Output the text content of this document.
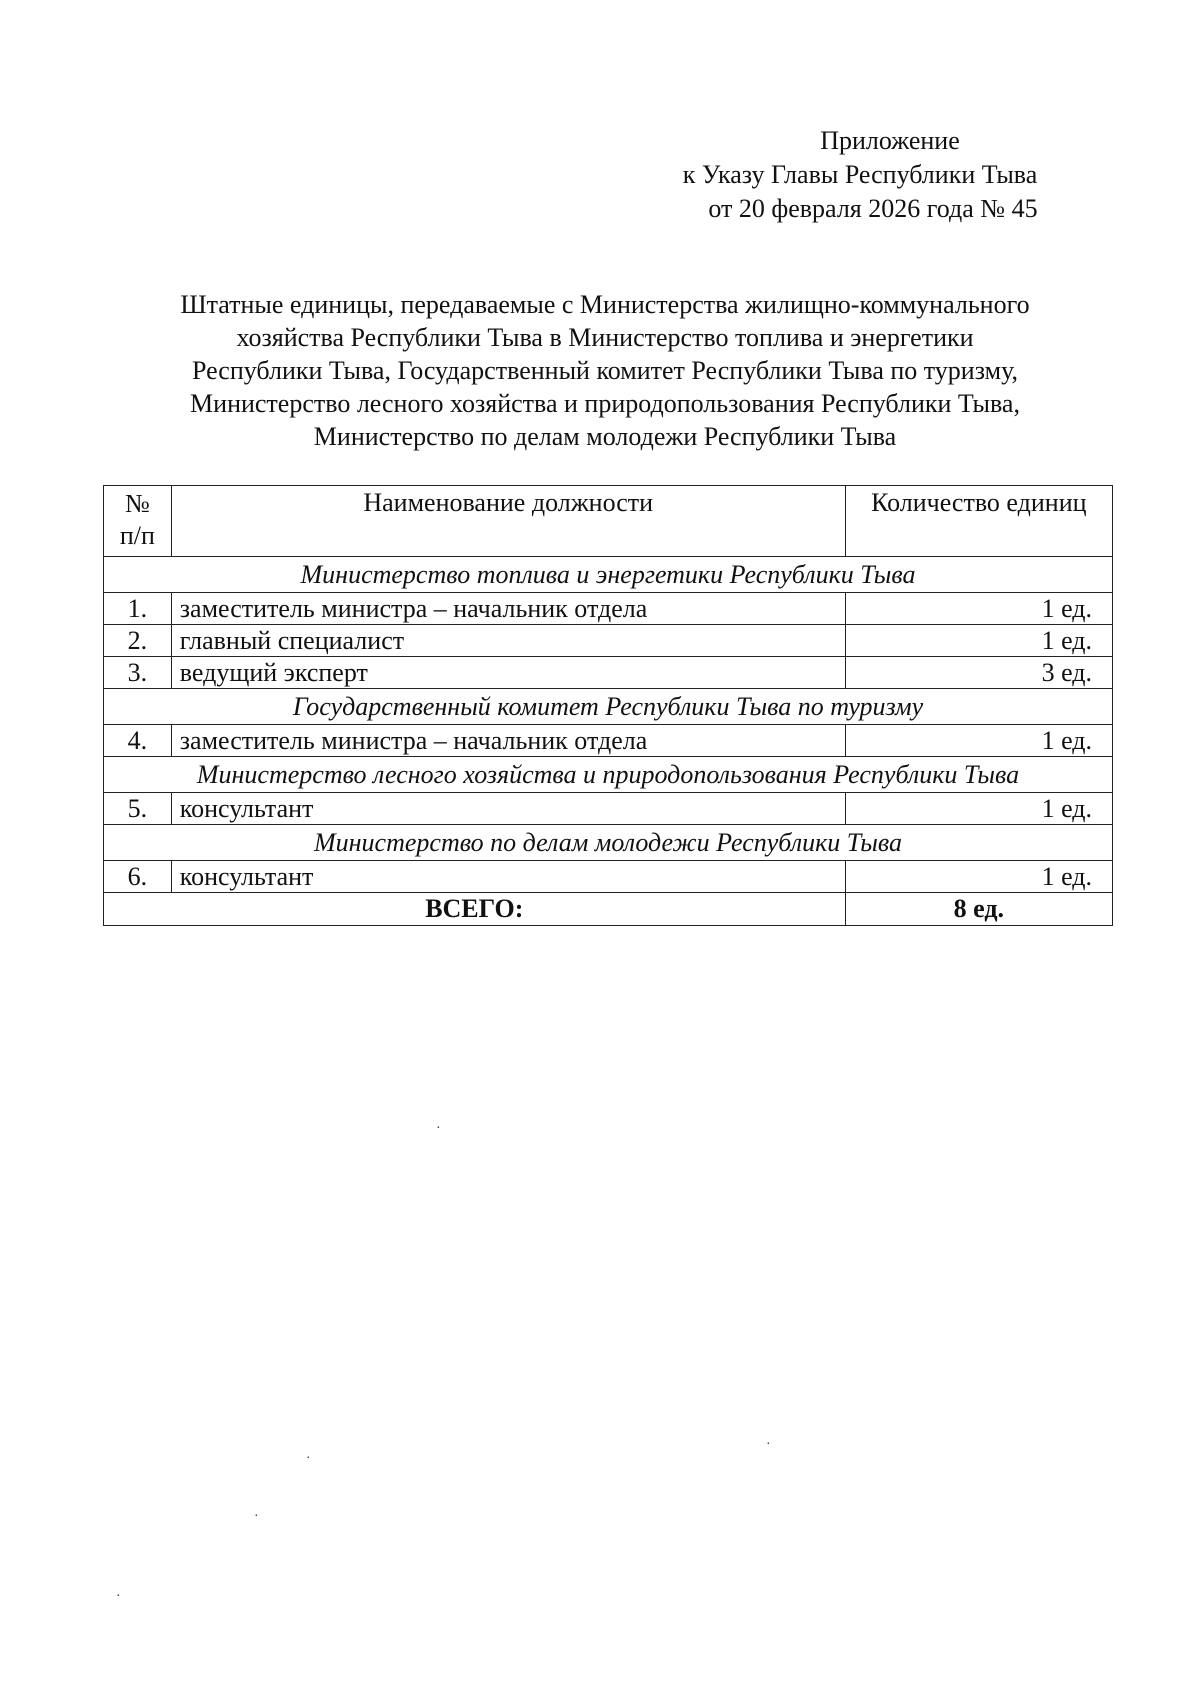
Приложение
к Указу Главы Республики Тыва
от 20 февраля 2026 года № 45
Штатные единицы, передаваемые с Министерства жилищно-коммунального
хозяйства Республики Тыва в Министерство топлива и энергетики
Республики Тыва, Государственный комитет Республики Тыва по туризму,
Министерство лесного хозяйства и природопользования Республики Тыва,
Министерство по делам молодежи Республики Тыва
№
п/п	Наименование должности	Количество единиц
Министерство топлива и энергетики Республики Тыва		
1.	заместитель министра – начальник отдела	1 ед.
2.	главный специалист	1 ед.
3.	ведущий эксперт	3 ед.
Государственный комитет Республики Тыва по туризму		
4.	заместитель министра – начальник отдела	1 ед.
Министерство лесного хозяйства и природопользования Республики Тыва		
5.	консультант	1 ед.
Министерство по делам молодежи Республики Тыва		
6.	консультант	1 ед.
ВСЕГО:		8 ед.
·
·
·
·
·
